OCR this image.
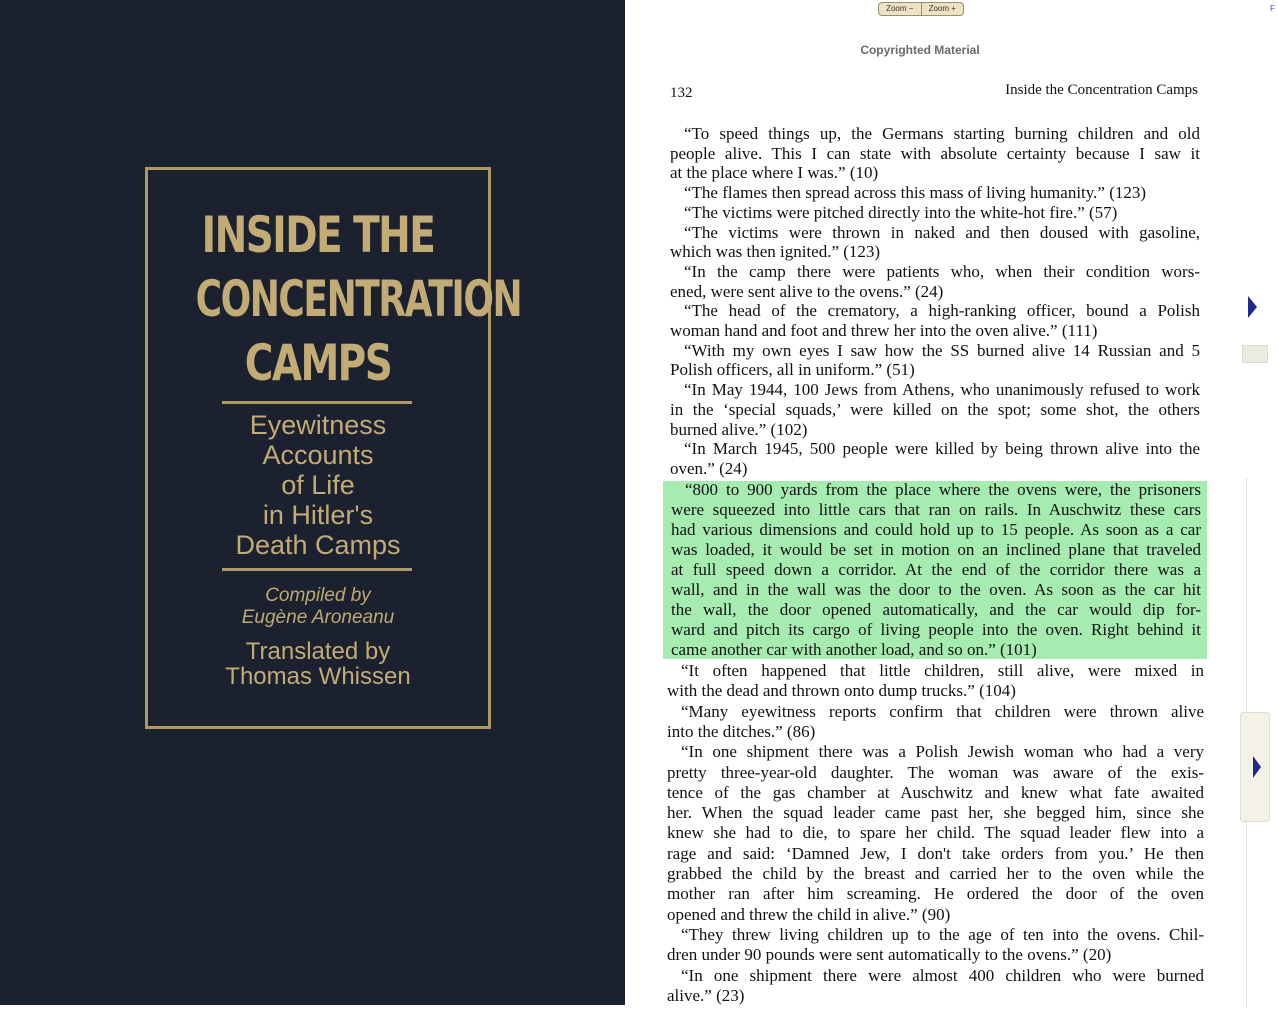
INSIDE THE
CONCENTRATION
CAMPS
Eyewitness
Accounts
of Life
in Hitler's
Death Camps
Compiled by
Eugène Aroneanu
Translated by
Thomas Whissen
Zoom −	Zoom +	F
Copyrighted Material
132	Inside the Concentration Camps
“To speed things up, the Germans starting burning children and old
people alive. This I can state with absolute certainty because I saw it
at the place where I was.” (10)
“The flames then spread across this mass of living humanity.” (123)
“The victims were pitched directly into the white-hot fire.” (57)
“The victims were thrown in naked and then doused with gasoline,
which was then ignited.” (123)
“In the camp there were patients who, when their condition wors-
ened, were sent alive to the ovens.” (24)
“The head of the crematory, a high-ranking officer, bound a Polish
woman hand and foot and threw her into the oven alive.” (111)
“With my own eyes I saw how the SS burned alive 14 Russian and 5
Polish officers, all in uniform.” (51)
“In May 1944, 100 Jews from Athens, who unanimously refused to work
in the ‘special squads,’ were killed on the spot; some shot, the others
burned alive.” (102)
“In March 1945, 500 people were killed by being thrown alive into the
oven.” (24)
“800 to 900 yards from the place where the ovens were, the prisoners
were squeezed into little cars that ran on rails. In Auschwitz these cars
had various dimensions and could hold up to 15 people. As soon as a car
was loaded, it would be set in motion on an inclined plane that traveled
at full speed down a corridor. At the end of the corridor there was a
wall, and in the wall was the door to the oven. As soon as the car hit
the wall, the door opened automatically, and the car would dip for-
ward and pitch its cargo of living people into the oven. Right behind it
came another car with another load, and so on.” (101)
“It often happened that little children, still alive, were mixed in
with the dead and thrown onto dump trucks.” (104)
“Many eyewitness reports confirm that children were thrown alive
into the ditches.” (86)
“In one shipment there was a Polish Jewish woman who had a very
pretty three-year-old daughter. The woman was aware of the exis-
tence of the gas chamber at Auschwitz and knew what fate awaited
her. When the squad leader came past her, she begged him, since she
knew she had to die, to spare her child. The squad leader flew into a
rage and said: ‘Damned Jew, I don't take orders from you.’ He then
grabbed the child by the breast and carried her to the oven while the
mother ran after him screaming. He ordered the door of the oven
opened and threw the child in alive.” (90)
“They threw living children up to the age of ten into the ovens. Chil-
dren under 90 pounds were sent automatically to the ovens.” (20)
“In one shipment there were almost 400 children who were burned
alive.” (23)
